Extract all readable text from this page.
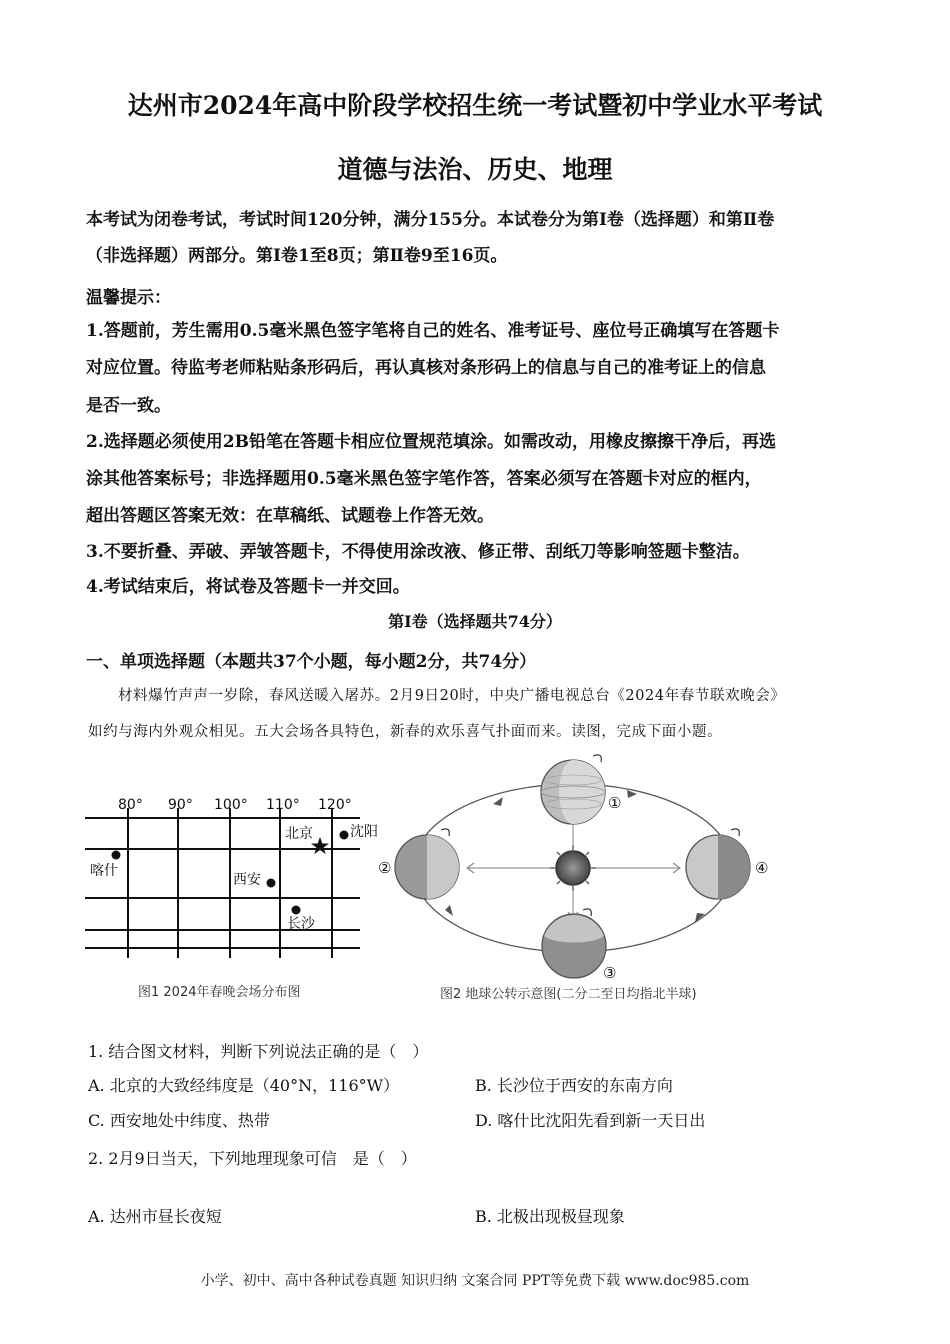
达州市2024年高中阶段学校招生统一考试暨初中学业水平考试
道德与法治、历史、地理
本考试为闭卷考试，考试时间120分钟，满分155分。本试卷分为第Ⅰ卷（选择题）和第Ⅱ卷
（非选择题）两部分。第Ⅰ卷1至8页；第Ⅱ卷9至16页。
温馨提示：
1.答题前，芳生需用0.5毫米黑色签字笔将自己的姓名、准考证号、座位号正确填写在答题卡
对应位置。待监考老师粘贴条形码后，再认真核对条形码上的信息与自己的准考证上的信息
是否一致。
2.选择题必须使用2B铅笔在答题卡相应位置规范填涂。如需改动，用橡皮擦擦干净后，再选
涂其他答案标号；非选择题用0.5毫米黑色签字笔作答，答案必须写在答题卡对应的框内，
超出答题区答案无效：在草稿纸、试题卷上作答无效。
3.不要折叠、弄破、弄皱答题卡，不得使用涂改液、修正带、刮纸刀等影响签题卡整洁。
4.考试结束后，将试卷及答题卡一并交回。
第Ⅰ卷（选择题共74分）
一、单项选择题（本题共37个小题，每小题2分，共74分）
材料爆竹声声一岁除，春风送暖入屠苏。2月9日20时，中央广播电视总台《2024年春节联欢晚会》
如约与海内外观众相见。五大会场各具特色，新春的欢乐喜气扑面而来。读图，完成下面小题。
80° 90° 100° 110° 120°
喀什
西安
北京	沈阳
长沙
图1 2024年春晚会场分布图
①
②
③
④
图2 地球公转示意图(二分二至日均指北半球)
1. 结合图文材料，判断下列说法正确的是（　）
A. 北京的大致经纬度是（40°N，116°W）	B. 长沙位于西安的东南方向
C. 西安地处中纬度、热带	D. 喀什比沈阳先看到新一天日出
2. 2月9日当天，下列地理现象可信　是（　）
A. 达州市昼长夜短	B. 北极出现极昼现象
小学、初中、高中各种试卷真题 知识归纳 文案合同 PPT等免费下载 www.doc985.com
